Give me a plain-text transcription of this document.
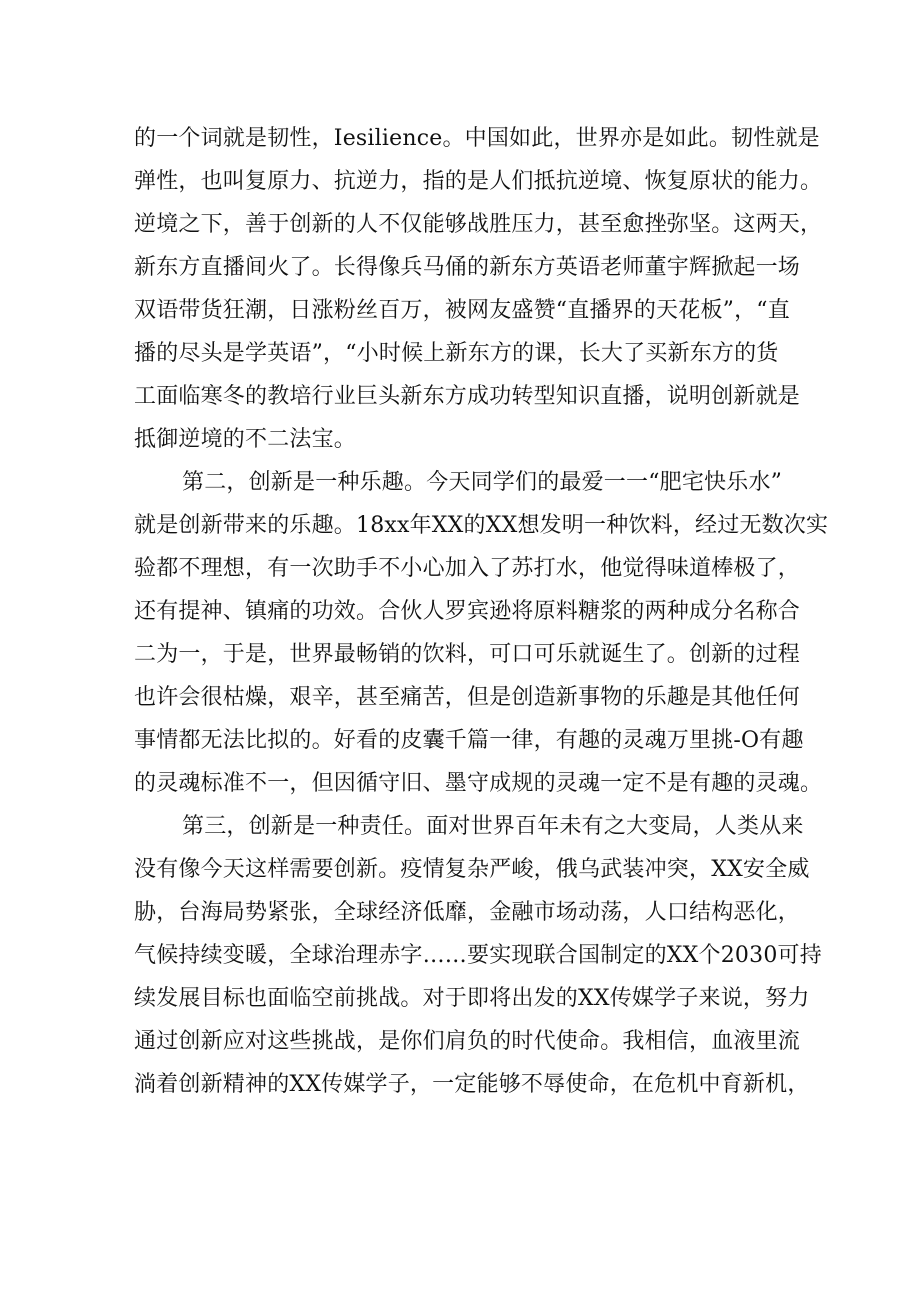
的一个词就是韧性，Iesilience。中国如此，世界亦是如此。韧性就是
弹性，也叫复原力、抗逆力，指的是人们抵抗逆境、恢复原状的能力。
逆境之下，善于创新的人不仅能够战胜压力，甚至愈挫弥坚。这两天，
新东方直播间火了。长得像兵马俑的新东方英语老师董宇辉掀起一场
双语带货狂潮，日涨粉丝百万，被网友盛赞“直播界的天花板”，“直
播的尽头是学英语”，“小时候上新东方的课，长大了买新东方的货
工面临寒冬的教培行业巨头新东方成功转型知识直播，说明创新就是
抵御逆境的不二法宝。
第二，创新是一种乐趣。今天同学们的最爱一一“肥宅快乐水”
就是创新带来的乐趣。18xx年XX的XX想发明一种饮料，经过无数次实
验都不理想，有一次助手不小心加入了苏打水，他觉得味道棒极了，
还有提神、镇痛的功效。合伙人罗宾逊将原料糖浆的两种成分名称合
二为一，于是，世界最畅销的饮料，可口可乐就诞生了。创新的过程
也许会很枯燥，艰辛，甚至痛苦，但是创造新事物的乐趣是其他任何
事情都无法比拟的。好看的皮囊千篇一律，有趣的灵魂万里挑-O有趣
的灵魂标准不一，但因循守旧、墨守成规的灵魂一定不是有趣的灵魂。
第三，创新是一种责任。面对世界百年未有之大变局，人类从来
没有像今天这样需要创新。疫情复杂严峻，俄乌武装冲突，XX安全威
胁，台海局势紧张，全球经济低靡，金融市场动荡，人口结构恶化，
气候持续变暖，全球治理赤字……要实现联合国制定的XX个2030可持
续发展目标也面临空前挑战。对于即将出发的XX传媒学子来说，努力
通过创新应对这些挑战，是你们肩负的时代使命。我相信，血液里流
淌着创新精神的XX传媒学子，一定能够不辱使命，在危机中育新机，
